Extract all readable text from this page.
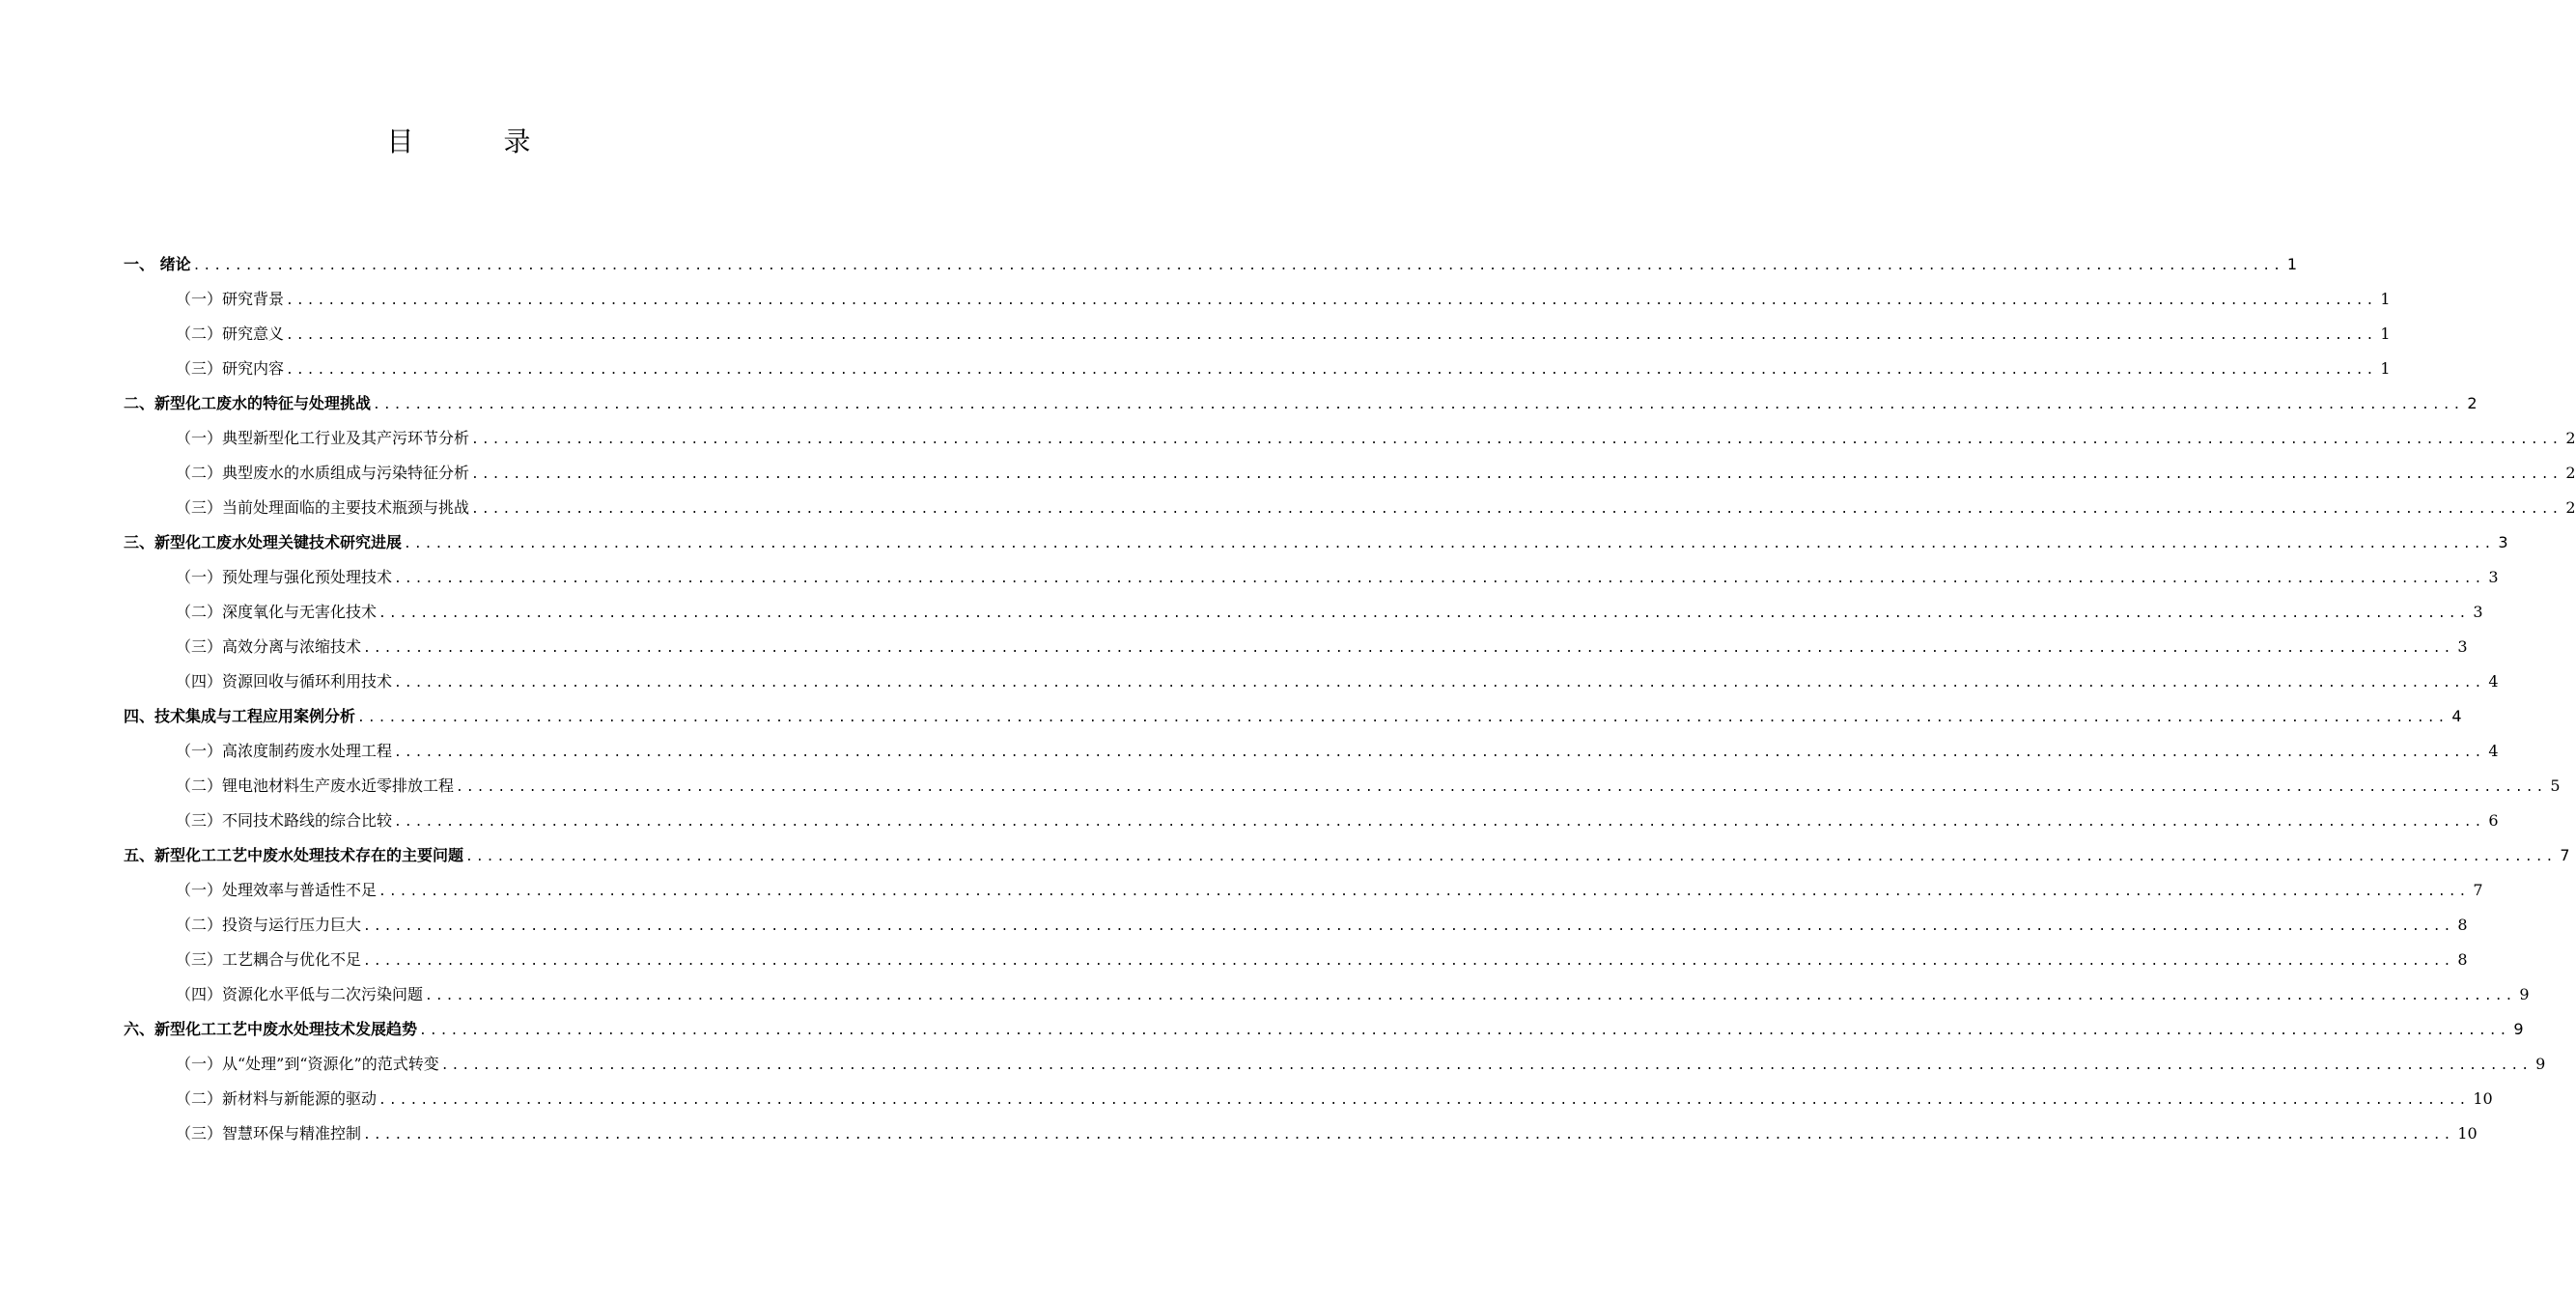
目 录
一、 绪论 ........................................................................................................................................................................................................ 1
（一）研究背景 ........................................................................................................................................................................................................ 1
（二）研究意义 ........................................................................................................................................................................................................ 1
（三）研究内容 ........................................................................................................................................................................................................ 1
二、新型化工废水的特征与处理挑战 ........................................................................................................................................................................................................ 2
（一）典型新型化工行业及其产污环节分析 ........................................................................................................................................................................................................ 2
（二）典型废水的水质组成与污染特征分析 ........................................................................................................................................................................................................ 2
（三）当前处理面临的主要技术瓶颈与挑战 ........................................................................................................................................................................................................ 2
三、新型化工废水处理关键技术研究进展 ........................................................................................................................................................................................................ 3
（一）预处理与强化预处理技术 ........................................................................................................................................................................................................ 3
（二）深度氧化与无害化技术 ........................................................................................................................................................................................................ 3
（三）高效分离与浓缩技术 ........................................................................................................................................................................................................ 3
（四）资源回收与循环利用技术 ........................................................................................................................................................................................................ 4
四、技术集成与工程应用案例分析 ........................................................................................................................................................................................................ 4
（一）高浓度制药废水处理工程 ........................................................................................................................................................................................................ 4
（二）锂电池材料生产废水近零排放工程 ........................................................................................................................................................................................................ 5
（三）不同技术路线的综合比较 ........................................................................................................................................................................................................ 6
五、新型化工工艺中废水处理技术存在的主要问题 ........................................................................................................................................................................................................ 7
（一）处理效率与普适性不足 ........................................................................................................................................................................................................ 7
（二）投资与运行压力巨大 ........................................................................................................................................................................................................ 8
（三）工艺耦合与优化不足 ........................................................................................................................................................................................................ 8
（四）资源化水平低与二次污染问题 ........................................................................................................................................................................................................ 9
六、新型化工工艺中废水处理技术发展趋势 ........................................................................................................................................................................................................ 9
（一）从“处理”到“资源化”的范式转变 ........................................................................................................................................................................................................ 9
（二）新材料与新能源的驱动 ........................................................................................................................................................................................................ 10
（三）智慧环保与精准控制 ........................................................................................................................................................................................................ 10
